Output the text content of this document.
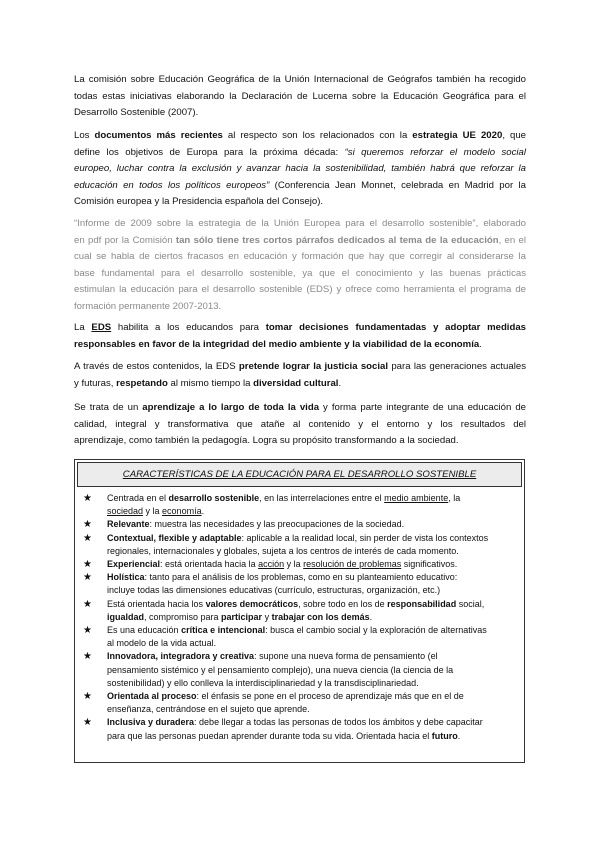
La comisión sobre Educación Geográfica de la Unión Internacional de Geógrafos también ha recogido
todas estas iniciativas elaborando la Declaración de Lucerna sobre la Educación Geográfica para el
Desarrollo Sostenible (2007).

Los documentos más recientes al respecto son los relacionados con la estrategia UE 2020, que
define los objetivos de Europa para la próxima década: “si queremos reforzar el modelo social
europeo, luchar contra la exclusión y avanzar hacia la sostenibilidad, también habrá que reforzar la
educación en todos los políticos europeos” (Conferencia Jean Monnet, celebrada en Madrid por la
Comisión europea y la Presidencia española del Consejo).

“Informe de 2009 sobre la estrategia de la Unión Europea para el desarrollo sostenible”, elaborado
en pdf por la Comisión tan sólo tiene tres cortos párrafos dedicados al tema de la educación, en el
cual se habla de ciertos fracasos en educación y formación que hay que corregir al considerarse la
base fundamental para el desarrollo sostenible, ya que el conocimiento y las buenas prácticas
estimulan la educación para el desarrollo sostenible (EDS) y ofrece como herramienta el programa de
formación permanente 2007-2013.

La EDS habilita a los educandos para tomar decisiones fundamentadas y adoptar medidas
responsables en favor de la integridad del medio ambiente y la viabilidad de la economía.

A través de estos contenidos, la EDS pretende lograr la justicia social para las generaciones actuales
y futuras, respetando al mismo tiempo la diversidad cultural.

Se trata de un aprendizaje a lo largo de toda la vida y forma parte integrante de una educación de
calidad, integral y transformativa que atañe al contenido y el entorno y los resultados del
aprendizaje, como también la pedagogía. Logra su propósito transformando a la sociedad.

CARACTERÍSTICAS DE LA EDUCACIÓN PARA EL DESARROLLO SOSTENIBLE
★ Centrada en el desarrollo sostenible, en las interrelaciones entre el medio ambiente, la
sociedad y la economía.
★ Relevante: muestra las necesidades y las preocupaciones de la sociedad.
★ Contextual, flexible y adaptable: aplicable a la realidad local, sin perder de vista los contextos
regionales, internacionales y globales, sujeta a los centros de interés de cada momento.
★ Experiencial: está orientada hacia la acción y la resolución de problemas significativos.
★ Holística: tanto para el análisis de los problemas, como en su planteamiento educativo:
incluye todas las dimensiones educativas (currículo, estructuras, organización, etc.)
★ Está orientada hacia los valores democráticos, sobre todo en los de responsabilidad social,
igualdad, compromiso para participar y trabajar con los demás.
★ Es una educación crítica e intencional: busca el cambio social y la exploración de alternativas
al modelo de la vida actual.
★ Innovadora, integradora y creativa: supone una nueva forma de pensamiento (el
pensamiento sistémico y el pensamiento complejo), una nueva ciencia (la ciencia de la
sostenibilidad) y ello conlleva la interdisciplinariedad y la transdisciplinariedad.
★ Orientada al proceso: el énfasis se pone en el proceso de aprendizaje más que en el de
enseñanza, centrándose en el sujeto que aprende.
★ Inclusiva y duradera: debe llegar a todas las personas de todos los ámbitos y debe capacitar
para que las personas puedan aprender durante toda su vida. Orientada hacia el futuro.
